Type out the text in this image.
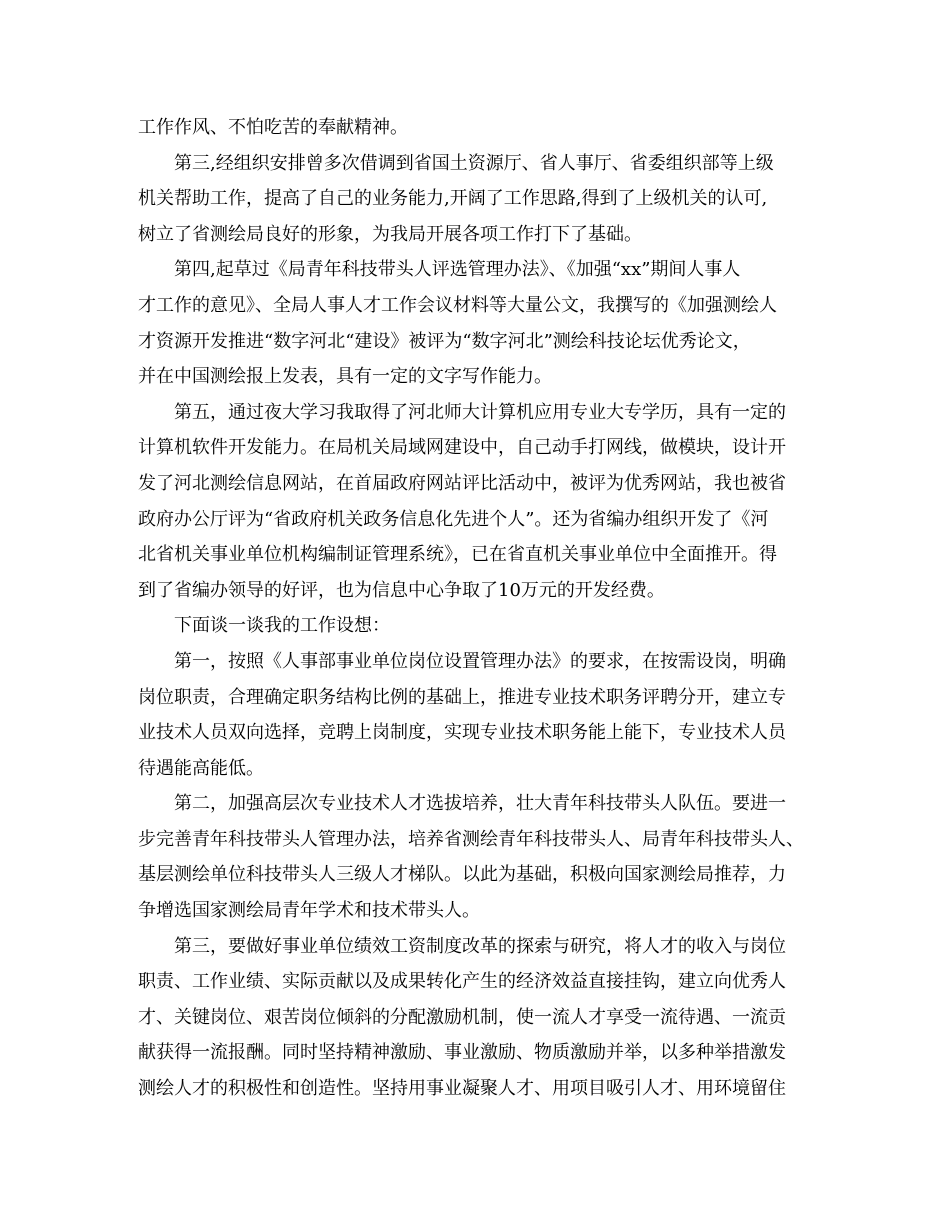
工作作风、不怕吃苦的奉献精神。
第三,经组织安排曾多次借调到省国土资源厅、省人事厅、省委组织部等上级
机关帮助工作，提高了自己的业务能力,开阔了工作思路,得到了上级机关的认可,
树立了省测绘局良好的形象，为我局开展各项工作打下了基础。
第四,起草过《局青年科技带头人评选管理办法》、《加强“xx”期间人事人
才工作的意见》、全局人事人才工作会议材料等大量公文，我撰写的《加强测绘人
才资源开发推进“数字河北“建设》被评为“数字河北”测绘科技论坛优秀论文，
并在中国测绘报上发表，具有一定的文字写作能力。
第五，通过夜大学习我取得了河北师大计算机应用专业大专学历，具有一定的
计算机软件开发能力。在局机关局域网建设中，自己动手打网线，做模块，设计开
发了河北测绘信息网站，在首届政府网站评比活动中，被评为优秀网站，我也被省
政府办公厅评为“省政府机关政务信息化先进个人”。还为省编办组织开发了《河
北省机关事业单位机构编制证管理系统》，已在省直机关事业单位中全面推开。得
到了省编办领导的好评，也为信息中心争取了10万元的开发经费。
下面谈一谈我的工作设想：
第一，按照《人事部事业单位岗位设置管理办法》的要求，在按需设岗，明确
岗位职责，合理确定职务结构比例的基础上，推进专业技术职务评聘分开，建立专
业技术人员双向选择，竞聘上岗制度，实现专业技术职务能上能下，专业技术人员
待遇能高能低。
第二，加强高层次专业技术人才选拔培养，壮大青年科技带头人队伍。要进一
步完善青年科技带头人管理办法，培养省测绘青年科技带头人、局青年科技带头人、
基层测绘单位科技带头人三级人才梯队。以此为基础，积极向国家测绘局推荐，力
争增选国家测绘局青年学术和技术带头人。
第三，要做好事业单位绩效工资制度改革的探索与研究，将人才的收入与岗位
职责、工作业绩、实际贡献以及成果转化产生的经济效益直接挂钩，建立向优秀人
才、关键岗位、艰苦岗位倾斜的分配激励机制，使一流人才享受一流待遇、一流贡
献获得一流报酬。同时坚持精神激励、事业激励、物质激励并举，以多种举措激发
测绘人才的积极性和创造性。坚持用事业凝聚人才、用项目吸引人才、用环境留住
